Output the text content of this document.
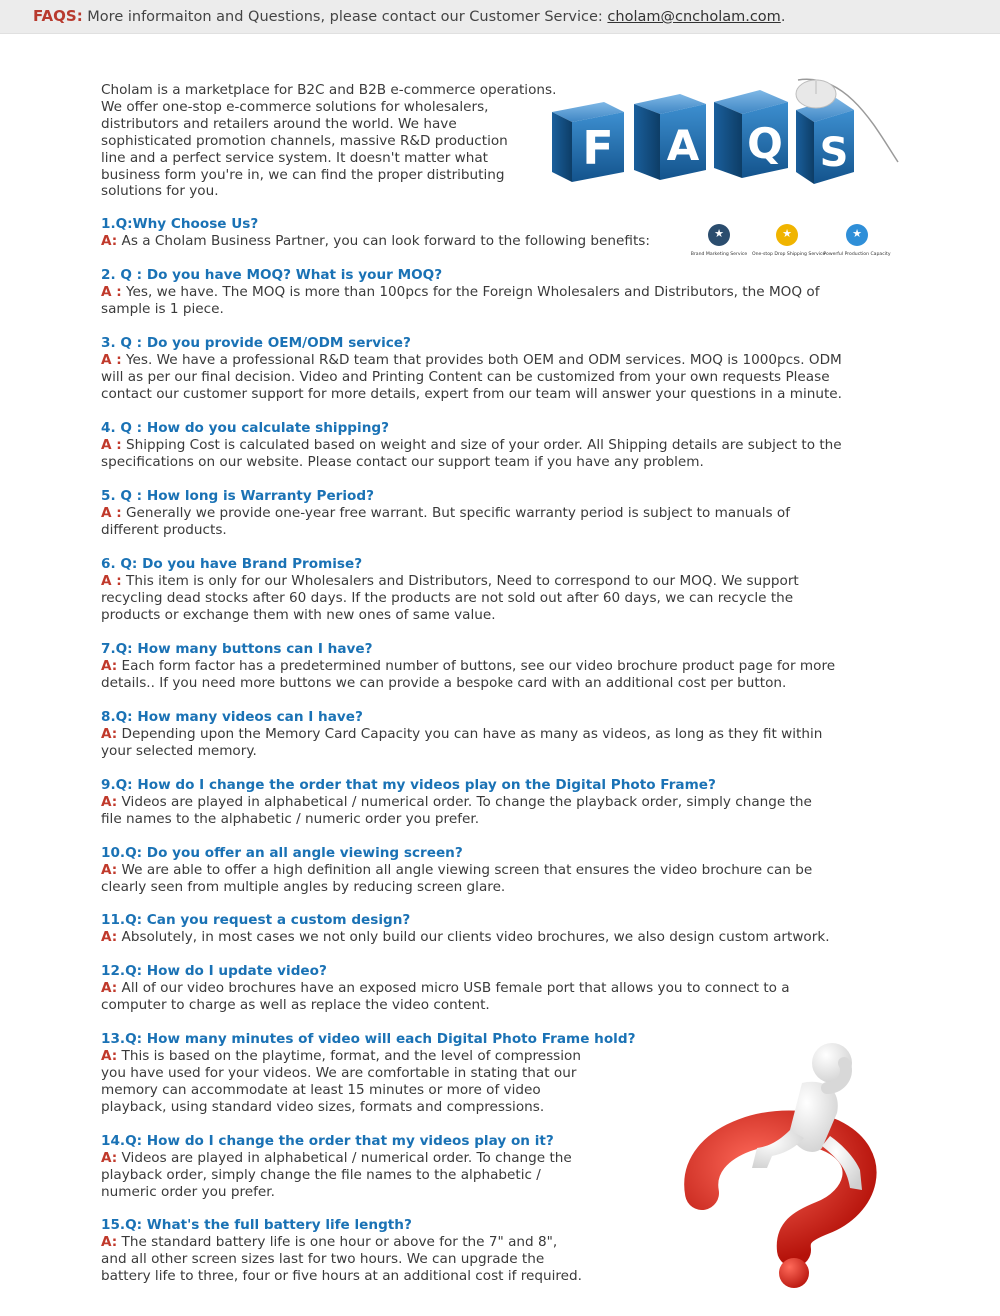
FAQS: More informaiton and Questions, please contact our Customer Service: cholam@cncholam.com.
Cholam is a marketplace for B2C and B2B e-commerce operations.
We offer one-stop e-commerce solutions for wholesalers,
distributors and retailers around the world. We have
sophisticated promotion channels, massive R&D production
line and a perfect service system. It doesn't matter what
business form you're in, we can find the proper distributing
solutions for you.
F A Q S
★
Brand Marketing Service
★	One-stop Drop Shipping Service
★
Powerful Production Capacity
1.Q:Why Choose Us?
A: As a Cholam Business Partner, you can look forward to the following benefits:
2. Q : Do you have MOQ? What is your MOQ?
A : Yes, we have. The MOQ is more than 100pcs for the Foreign Wholesalers and Distributors, the MOQ of
sample is 1 piece.
3. Q : Do you provide OEM/ODM service?
A : Yes. We have a professional R&D team that provides both OEM and ODM services. MOQ is 1000pcs. ODM
will as per our final decision. Video and Printing Content can be customized from your own requests Please
contact our customer support for more details, expert from our team will answer your questions in a minute.
4. Q : How do you calculate shipping?
A : Shipping Cost is calculated based on weight and size of your order. All Shipping details are subject to the
specifications on our website. Please contact our support team if you have any problem.
5. Q : How long is Warranty Period?
A : Generally we provide one-year free warrant. But specific warranty period is subject to manuals of
different products.
6. Q: Do you have Brand Promise?
A : This item is only for our Wholesalers and Distributors, Need to correspond to our MOQ. We support
recycling dead stocks after 60 days. If the products are not sold out after 60 days, we can recycle the
products or exchange them with new ones of same value.
7.Q: How many buttons can I have?
A: Each form factor has a predetermined number of buttons, see our video brochure product page for more
details.. If you need more buttons we can provide a bespoke card with an additional cost per button.
8.Q: How many videos can I have?
A: Depending upon the Memory Card Capacity you can have as many as videos, as long as they fit within
your selected memory.
9.Q: How do I change the order that my videos play on the Digital Photo Frame?
A: Videos are played in alphabetical / numerical order. To change the playback order, simply change the
file names to the alphabetic / numeric order you prefer.
10.Q: Do you offer an all angle viewing screen?
A: We are able to offer a high definition all angle viewing screen that ensures the video brochure can be
clearly seen from multiple angles by reducing screen glare.
11.Q: Can you request a custom design?
A: Absolutely, in most cases we not only build our clients video brochures, we also design custom artwork.
12.Q: How do I update video?
A: All of our video brochures have an exposed micro USB female port that allows you to connect to a
computer to charge as well as replace the video content.
13.Q: How many minutes of video will each Digital Photo Frame hold?
A: This is based on the playtime, format, and the level of compression
you have used for your videos. We are comfortable in stating that our
memory can accommodate at least 15 minutes or more of video
playback, using standard video sizes, formats and compressions.
14.Q: How do I change the order that my videos play on it?
A: Videos are played in alphabetical / numerical order. To change the
playback order, simply change the file names to the alphabetic /
numeric order you prefer.
15.Q: What's the full battery life length?
A: The standard battery life is one hour or above for the 7" and 8",
and all other screen sizes last for two hours. We can upgrade the
battery life to three, four or five hours at an additional cost if required.
